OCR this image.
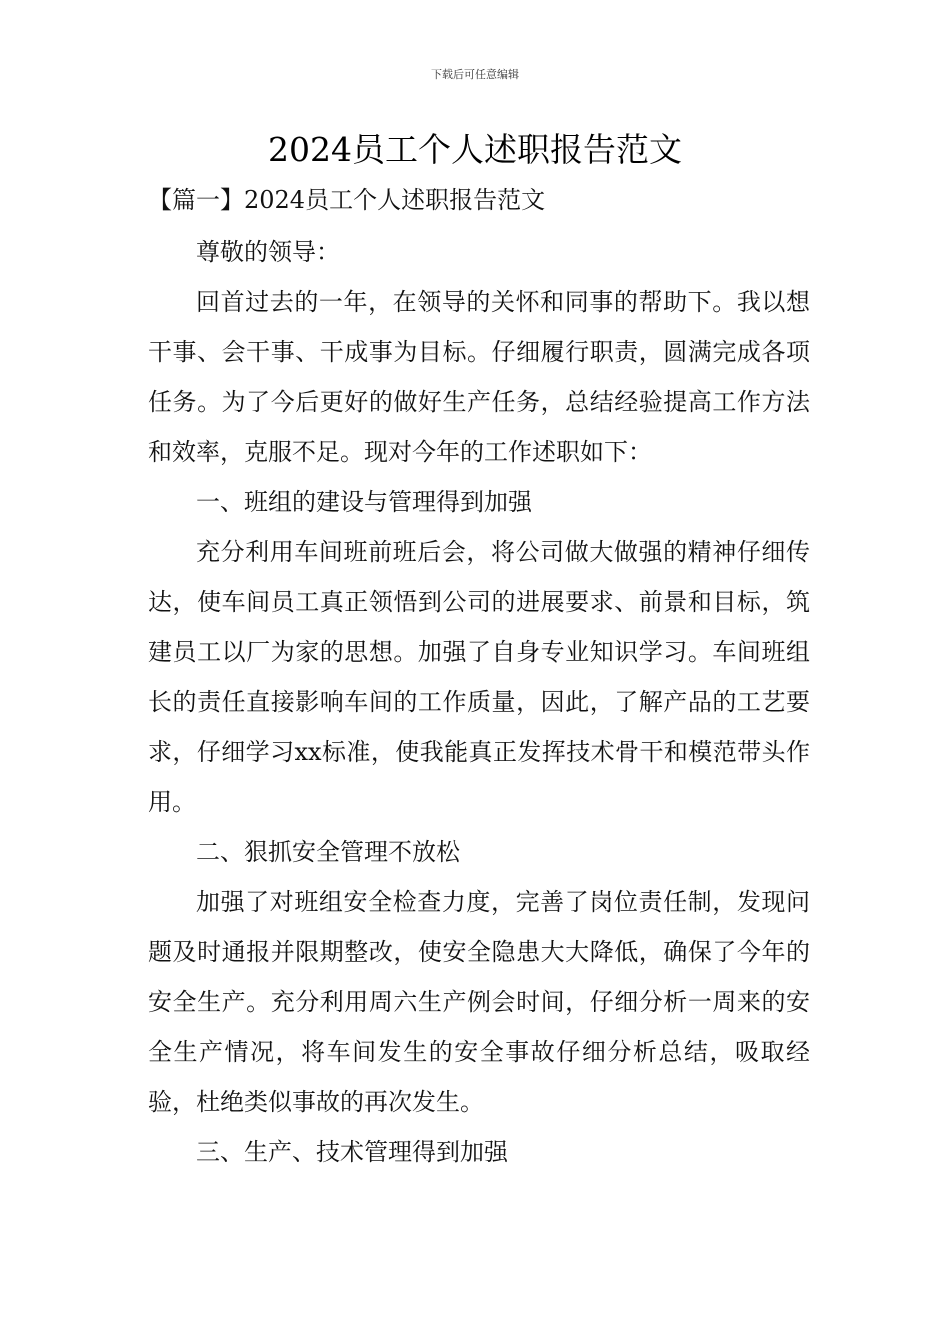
下载后可任意编辑
2024员工个人述职报告范文
【篇一】2024员工个人述职报告范文

尊敬的领导：

回首过去的一年，在领导的关怀和同事的帮助下。我以想干事、会干事、干成事为目标。仔细履行职责，圆满完成各项任务。为了今后更好的做好生产任务，总结经验提高工作方法和效率，克服不足。现对今年的工作述职如下：

一、班组的建设与管理得到加强

充分利用车间班前班后会，将公司做大做强的精神仔细传达，使车间员工真正领悟到公司的进展要求、前景和目标，筑建员工以厂为家的思想。加强了自身专业知识学习。车间班组长的责任直接影响车间的工作质量，因此，了解产品的工艺要求，仔细学习xx标准，使我能真正发挥技术骨干和模范带头作用。

二、狠抓安全管理不放松

加强了对班组安全检查力度，完善了岗位责任制，发现问题及时通报并限期整改，使安全隐患大大降低，确保了今年的安全生产。充分利用周六生产例会时间，仔细分析一周来的安全生产情况，将车间发生的安全事故仔细分析总结，吸取经验，杜绝类似事故的再次发生。

三、生产、技术管理得到加强
